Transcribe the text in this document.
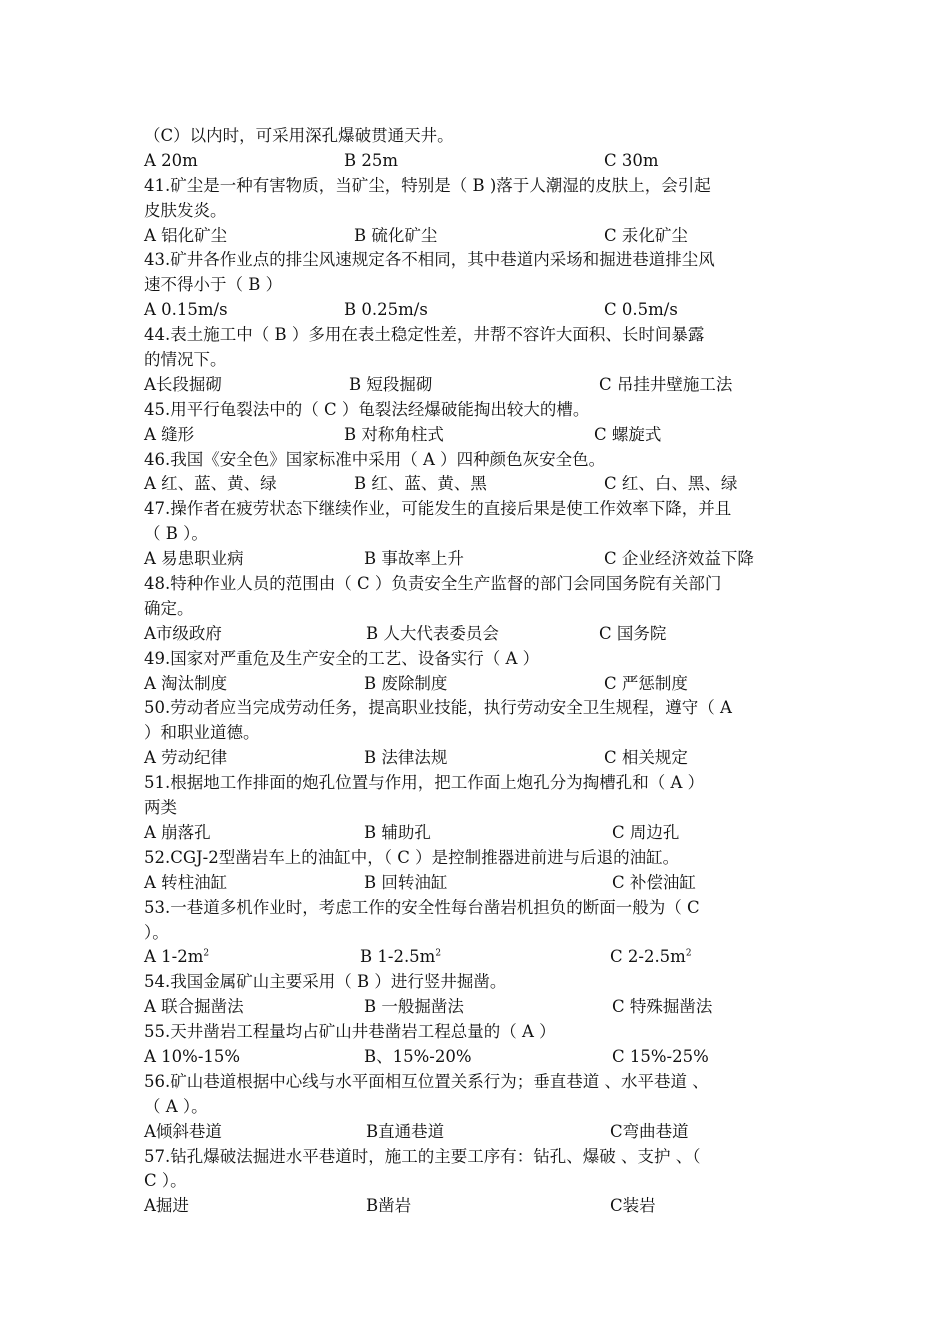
（C）以内时，可采用深孔爆破贯通天井。
A 20m	B 25m	C 30m
41.矿尘是一种有害物质，当矿尘，特别是（ B )落于人潮湿的皮肤上，会引起
皮肤发炎。
A 铝化矿尘	B 硫化矿尘	C 汞化矿尘
43.矿井各作业点的排尘风速规定各不相同，其中巷道内采场和掘进巷道排尘风
速不得小于（ B ）
A 0.15m/s	B 0.25m/s	C 0.5m/s
44.表土施工中（ B ）多用在表土稳定性差，井帮不容许大面积、长时间暴露
的情况下。
A长段掘砌	B 短段掘砌	C 吊挂井壁施工法
45.用平行龟裂法中的（ C ）龟裂法经爆破能掏出较大的槽。
A 缝形	B 对称角柱式	C 螺旋式
46.我国《安全色》国家标准中采用（ A ）四种颜色灰安全色。
A 红、蓝、黄、绿	B 红、蓝、黄、黑	C 红、白、黑、绿
47.操作者在疲劳状态下继续作业，可能发生的直接后果是使工作效率下降，并且
（ B ）。
A 易患职业病	B 事故率上升	C 企业经济效益下降
48.特种作业人员的范围由（ C ）负责安全生产监督的部门会同国务院有关部门
确定。
A市级政府	B 人大代表委员会	C 国务院
49.国家对严重危及生产安全的工艺、设备实行（ A ）
A 淘汰制度	B 废除制度	C 严惩制度
50.劳动者应当完成劳动任务，提高职业技能，执行劳动安全卫生规程，遵守（ A
）和职业道德。
A 劳动纪律	B 法律法规	C 相关规定
51.根据地工作排面的炮孔位置与作用，把工作面上炮孔分为掏槽孔和（ A ）
两类
A 崩落孔	B 辅助孔	C 周边孔
52.CGJ-2型凿岩车上的油缸中，（ C ）是控制推器进前进与后退的油缸。
A 转柱油缸	B 回转油缸	C 补偿油缸
53.一巷道多机作业时，考虑工作的安全性每台凿岩机担负的断面一般为（ C
）。
A $1-2m^2$	B $1-2.5m^2$	C $2-2.5m^2$
54.我国金属矿山主要采用（ B ）进行竖井掘凿。
A 联合掘凿法	B 一般掘凿法	C 特殊掘凿法
55.天井凿岩工程量均占矿山井巷凿岩工程总量的（ A ）
A 10%-15%	B、15%-20%	C 15%-25%
56.矿山巷道根据中心线与水平面相互位置关系行为；垂直巷道 、水平巷道 、
（ A ）。
A倾斜巷道	B直通巷道	C弯曲巷道
57.钻孔爆破法掘进水平巷道时，施工的主要工序有：钻孔、爆破 、支护 、（
C ）。
A掘进	B凿岩	C装岩
